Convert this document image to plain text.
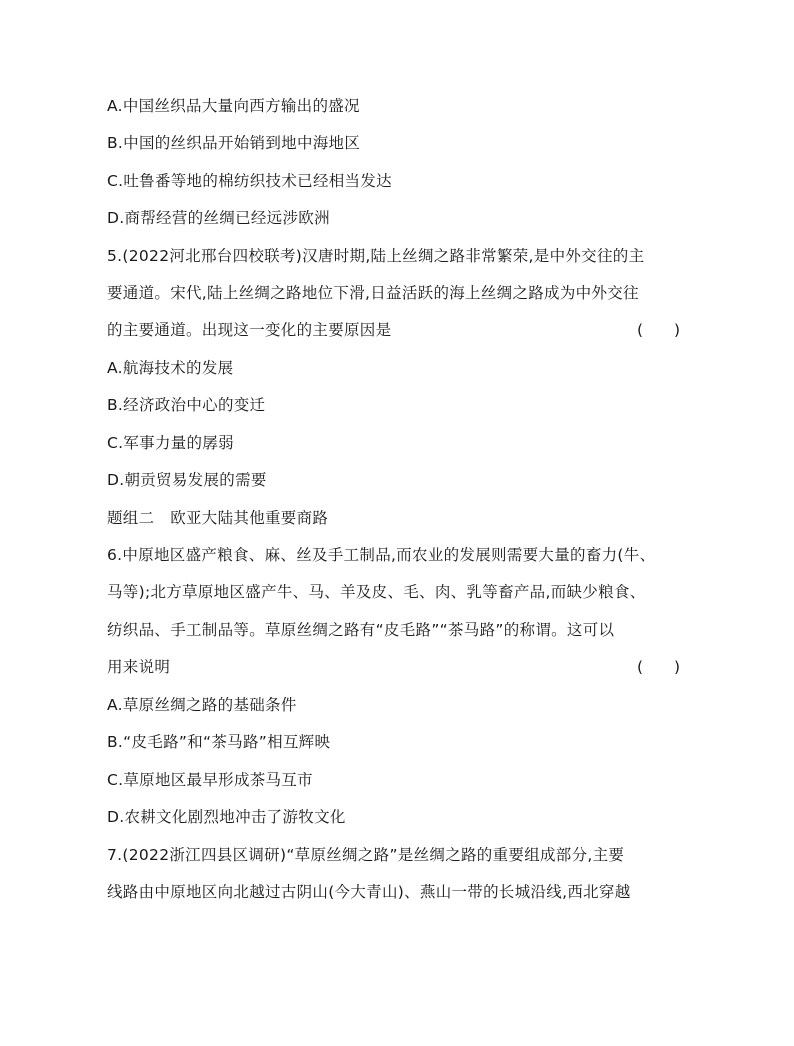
A.中国丝织品大量向西方输出的盛况
B.中国的丝织品开始销到地中海地区
C.吐鲁番等地的棉纺织技术已经相当发达
D.商帮经营的丝绸已经远涉欧洲
5.(2022河北邢台四校联考)汉唐时期,陆上丝绸之路非常繁荣,是中外交往的主
要通道。宋代,陆上丝绸之路地位下滑,日益活跃的海上丝绸之路成为中外交往
的主要通道。出现这一变化的主要原因是	(　　)
A.航海技术的发展
B.经济政治中心的变迁
C.军事力量的孱弱
D.朝贡贸易发展的需要
题组二　欧亚大陆其他重要商路
6.中原地区盛产粮食、麻、丝及手工制品,而农业的发展则需要大量的畜力(牛、
马等);北方草原地区盛产牛、马、羊及皮、毛、肉、乳等畜产品,而缺少粮食、
纺织品、手工制品等。草原丝绸之路有“皮毛路”“茶马路”的称谓。这可以
用来说明	(　　)
A.草原丝绸之路的基础条件
B.“皮毛路”和“茶马路”相互辉映
C.草原地区最早形成茶马互市
D.农耕文化剧烈地冲击了游牧文化
7.(2022浙江四县区调研)“草原丝绸之路”是丝绸之路的重要组成部分,主要
线路由中原地区向北越过古阴山(今大青山)、燕山一带的长城沿线,西北穿越
